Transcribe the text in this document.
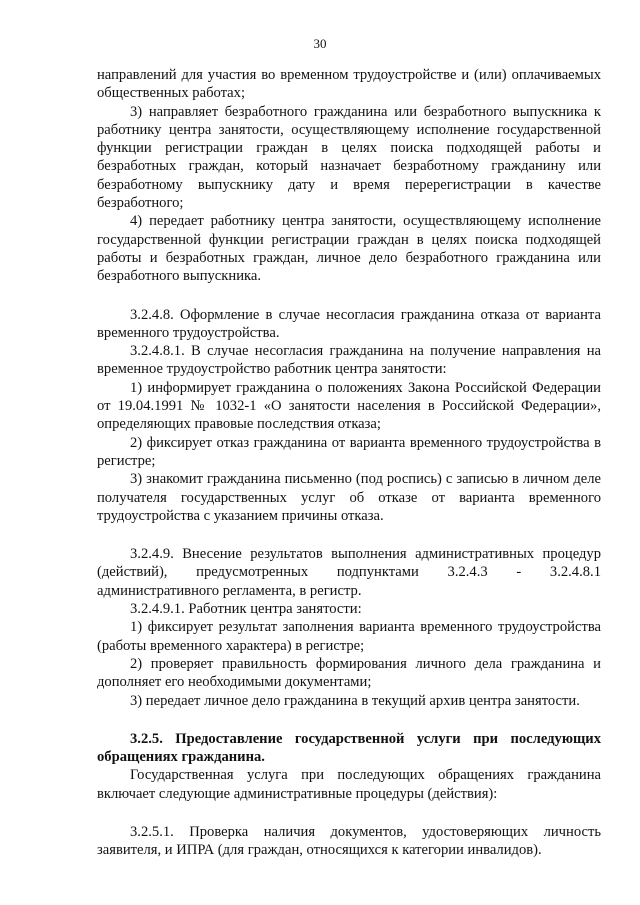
30

направлений для участия во временном трудоустройстве и (или) оплачиваемых общественных работах;

3) направляет безработного гражданина или безработного выпускника к работнику центра занятости, осуществляющему исполнение государственной функции регистрации граждан в целях поиска подходящей работы и безработных граждан, который назначает безработному гражданину или безработному выпускнику дату и время перерегистрации в качестве безработного;

4) передает работнику центра занятости, осуществляющему исполнение государственной функции регистрации граждан в целях поиска подходящей работы и безработных граждан, личное дело безработного гражданина или безработного выпускника.

3.2.4.8. Оформление в случае несогласия гражданина отказа от варианта временного трудоустройства.

3.2.4.8.1. В случае несогласия гражданина на получение направления на временное трудоустройство работник центра занятости:

1) информирует гражданина о положениях Закона Российской Федерации от 19.04.1991 № 1032-1 «О занятости населения в Российской Федерации», определяющих правовые последствия отказа;

2) фиксирует отказ гражданина от варианта временного трудоустройства в регистре;

3) знакомит гражданина письменно (под роспись) с записью в личном деле получателя государственных услуг об отказе от варианта временного трудоустройства с указанием причины отказа.

3.2.4.9. Внесение результатов выполнения административных процедур (действий), предусмотренных подпунктами 3.2.4.3 - 3.2.4.8.1 административного регламента, в регистр.

3.2.4.9.1. Работник центра занятости:

1) фиксирует результат заполнения варианта временного трудоустройства (работы временного характера) в регистре;

2) проверяет правильность формирования личного дела гражданина и дополняет его необходимыми документами;

3) передает личное дело гражданина в текущий архив центра занятости.

3.2.5. Предоставление государственной услуги при последующих обращениях гражданина.

Государственная услуга при последующих обращениях гражданина включает следующие административные процедуры (действия):

3.2.5.1. Проверка наличия документов, удостоверяющих личность заявителя, и ИПРА (для граждан, относящихся к категории инвалидов).
